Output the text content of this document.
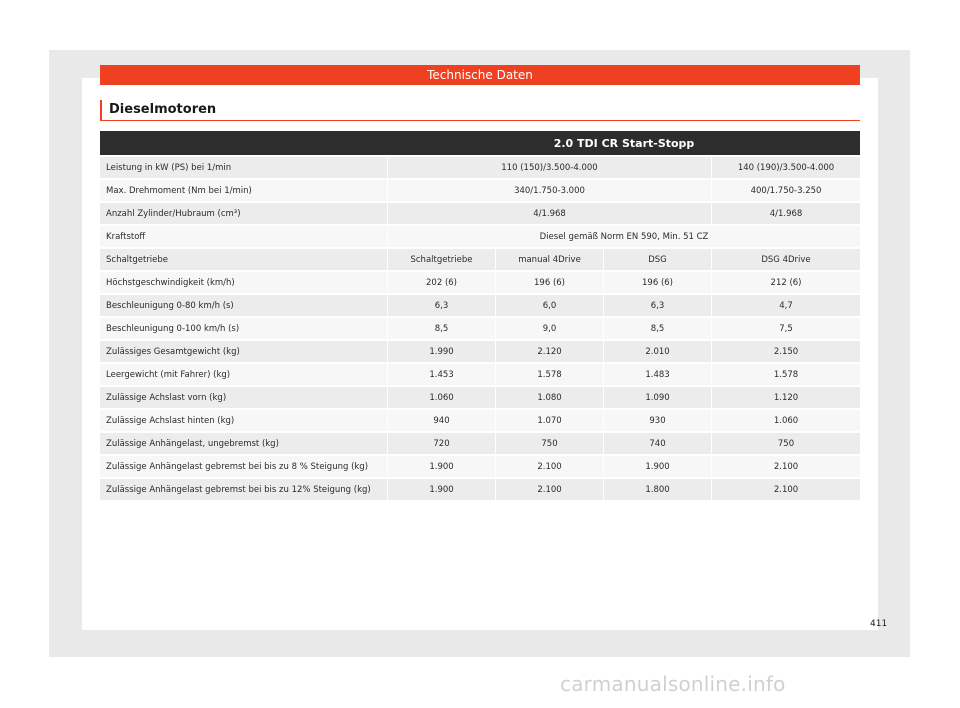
Technische Daten
Dieselmotoren
	2.0 TDI CR Start-Stopp			
Leistung in kW (PS) bei 1/min	110 (150)/3.500-4.000			140 (190)/3.500-4.000
Max. Drehmoment (Nm bei 1/min)	340/1.750-3.000			400/1.750-3.250
Anzahl Zylinder/Hubraum (cm³)	4/1.968			4/1.968
Kraftstoff	Diesel gemäß Norm EN 590, Min. 51 CZ			
Schaltgetriebe	Schaltgetriebe	manual 4Drive	DSG	DSG 4Drive
Höchstgeschwindigkeit (km/h)	202 (6)	196 (6)	196 (6)	212 (6)
Beschleunigung 0-80 km/h (s)	6,3	6,0	6,3	4,7
Beschleunigung 0-100 km/h (s)	8,5	9,0	8,5	7,5
Zulässiges Gesamtgewicht (kg)	1.990	2.120	2.010	2.150
Leergewicht (mit Fahrer) (kg)	1.453	1.578	1.483	1.578
Zulässige Achslast vorn (kg)	1.060	1.080	1.090	1.120
Zulässige Achslast hinten (kg)	940	1.070	930	1.060
Zulässige Anhängelast, ungebremst (kg)	720	750	740	750
Zulässige Anhängelast gebremst bei bis zu 8 % Steigung (kg)	1.900	2.100	1.900	2.100
Zulässige Anhängelast gebremst bei bis zu 12% Steigung (kg)	1.900	2.100	1.800	2.100
411
carmanualsonline.info
